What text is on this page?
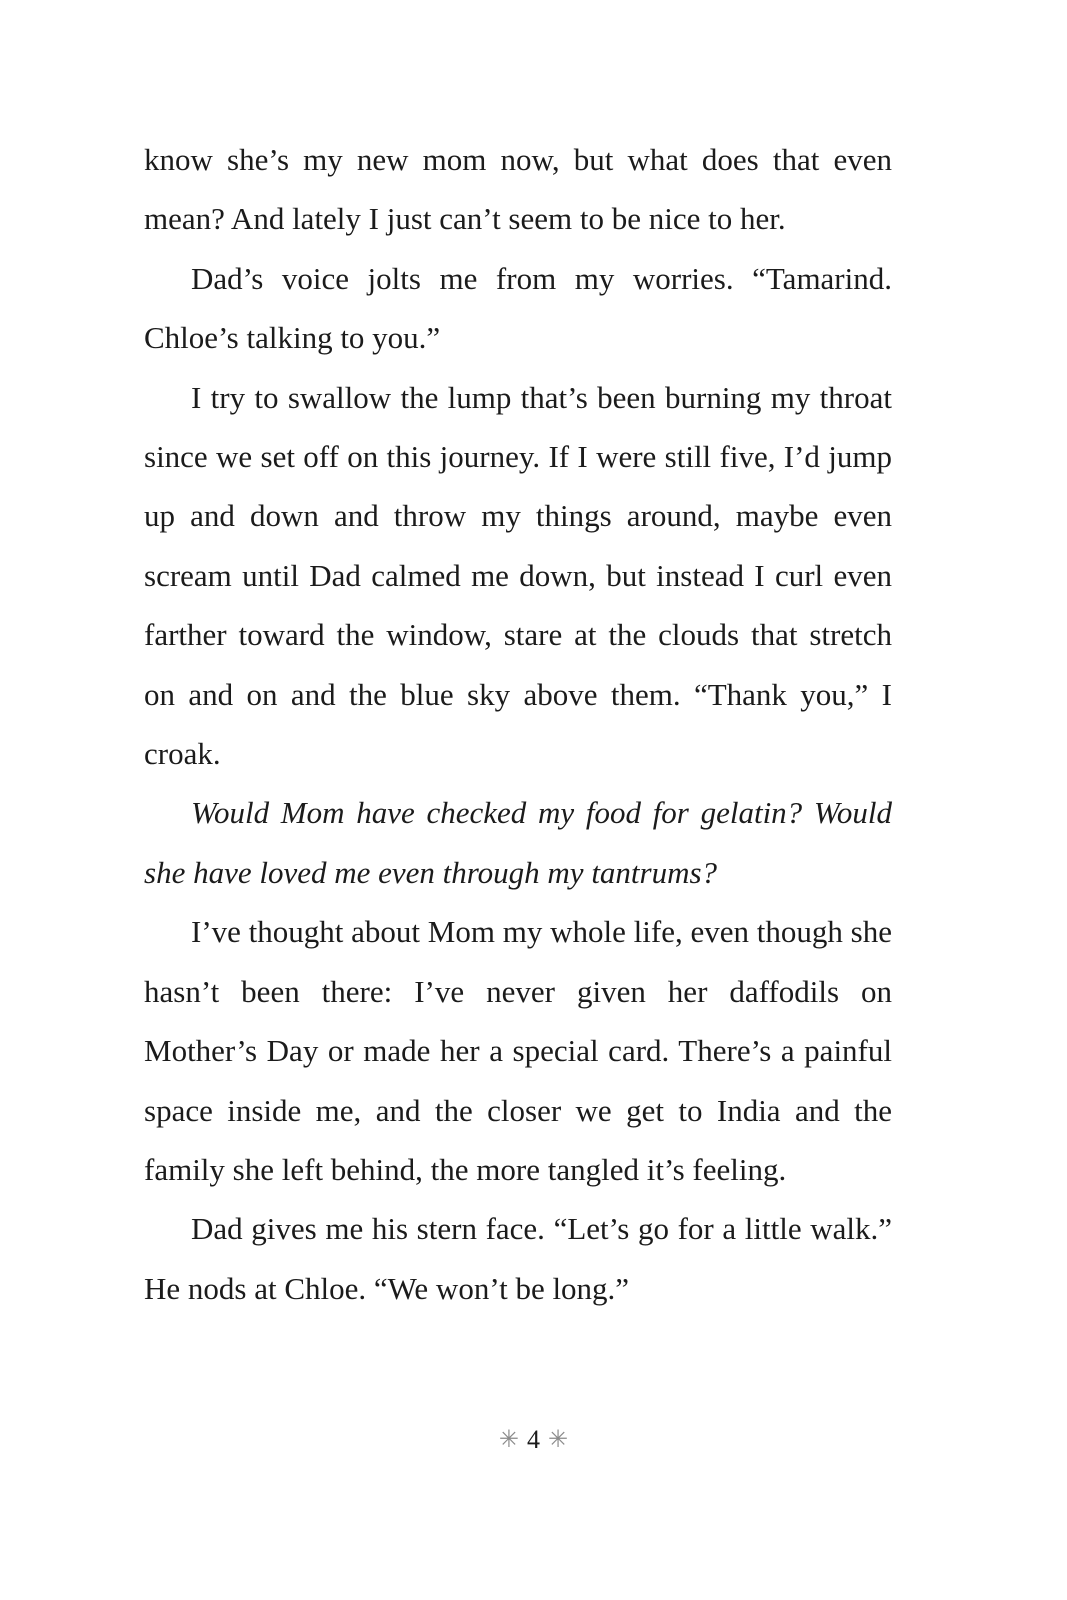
know she’s my new mom now, but what does that even mean? And lately I just can’t seem to be nice to her.

Dad’s voice jolts me from my worries. “Tamarind. Chloe’s talking to you.”

I try to swallow the lump that’s been burning my throat since we set off on this journey. If I were still five, I’d jump up and down and throw my things around, maybe even scream until Dad calmed me down, but instead I curl even farther toward the window, stare at the clouds that stretch on and on and the blue sky above them. “Thank you,” I croak.

Would Mom have checked my food for gelatin? Would she have loved me even through my tantrums?

I’ve thought about Mom my whole life, even though she hasn’t been there: I’ve never given her daffodils on Mother’s Day or made her a special card. There’s a painful space inside me, and the closer we get to India and the family she left behind, the more tangled it’s feeling.

Dad gives me his stern face. “Let’s go for a little walk.” He nods at Chloe. “We won’t be long.”

✳ 4 ✳
